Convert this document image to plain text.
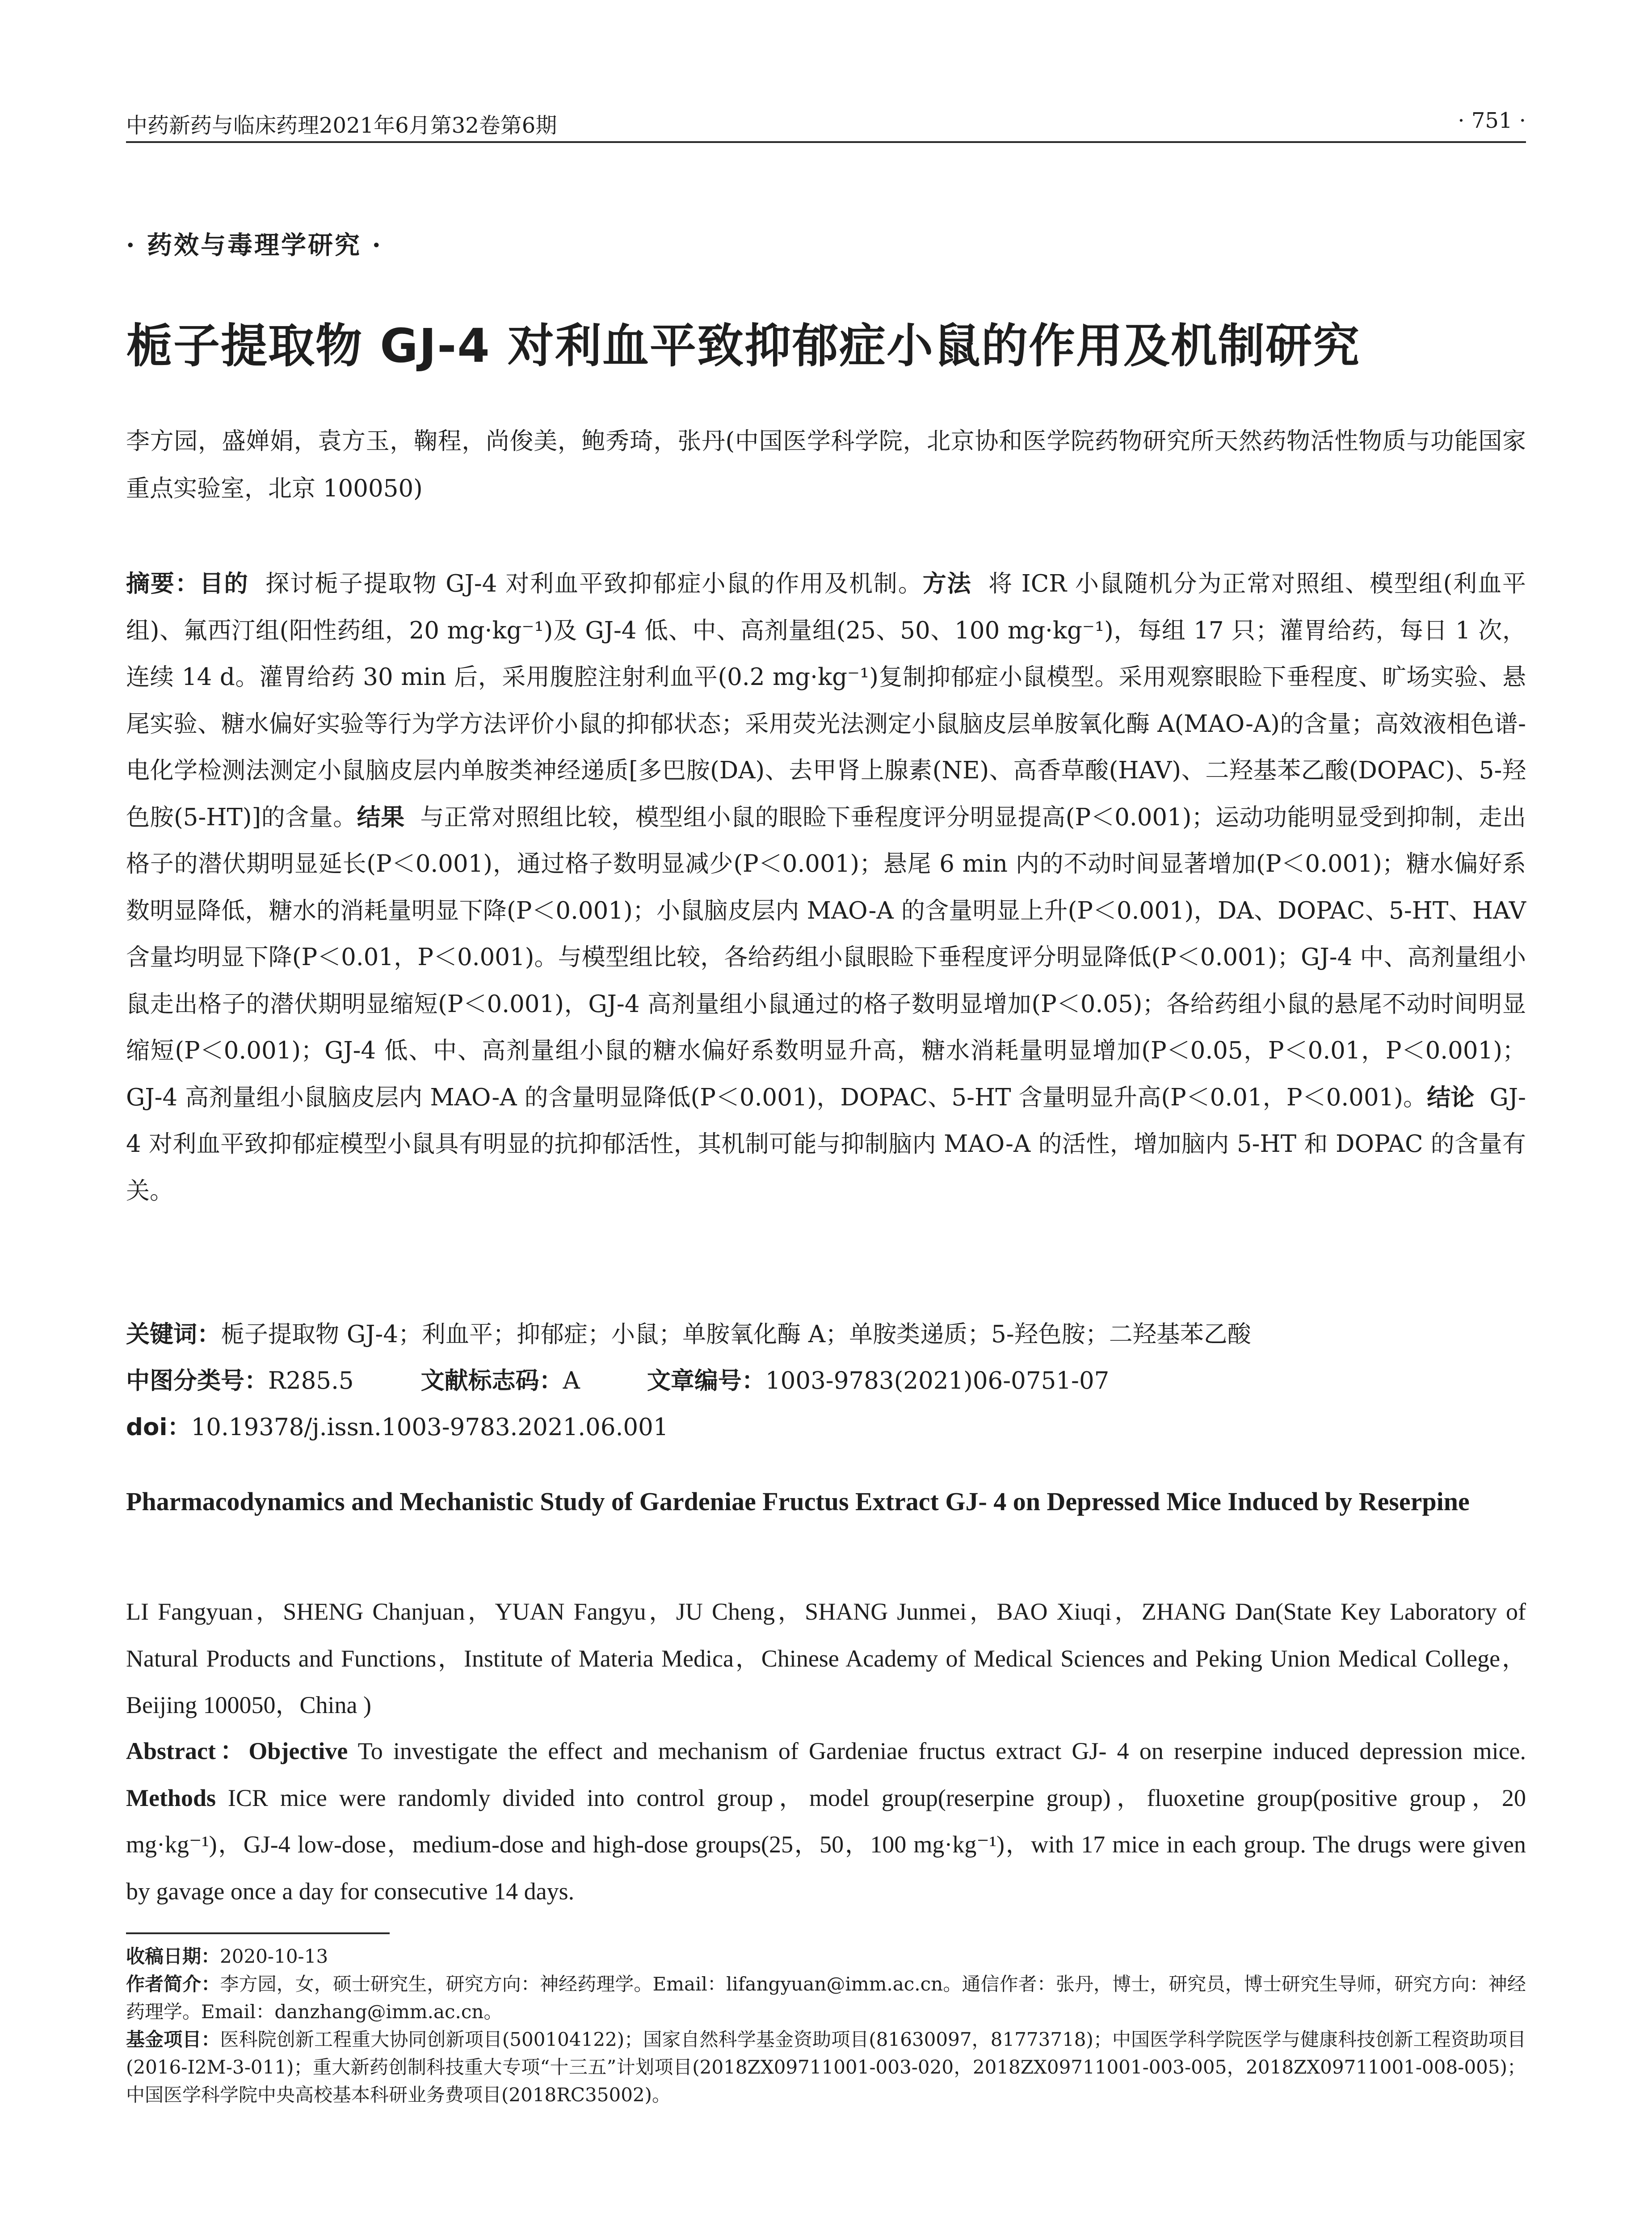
中药新药与临床药理2021年6月第32卷第6期	· 751 ·
· 药效与毒理学研究 ·
栀子提取物 GJ-4 对利血平致抑郁症小鼠的作用及机制研究
李方园，盛婵娟，袁方玉，鞠程，尚俊美，鲍秀琦，张丹(中国医学科学院，北京协和医学院药物研究所天然药物活性物质与功能国家重点实验室，北京 100050)
摘要：目的 探讨栀子提取物 GJ-4 对利血平致抑郁症小鼠的作用及机制。方法 将 ICR 小鼠随机分为正常对照组、模型组(利血平组)、氟西汀组(阳性药组，20 mg·kg⁻¹)及 GJ-4 低、中、高剂量组(25、50、100 mg·kg⁻¹)，每组 17 只；灌胃给药，每日 1 次，连续 14 d。灌胃给药 30 min 后，采用腹腔注射利血平(0.2 mg·kg⁻¹)复制抑郁症小鼠模型。采用观察眼睑下垂程度、旷场实验、悬尾实验、糖水偏好实验等行为学方法评价小鼠的抑郁状态；采用荧光法测定小鼠脑皮层单胺氧化酶 A(MAO-A)的含量；高效液相色谱-电化学检测法测定小鼠脑皮层内单胺类神经递质[多巴胺(DA)、去甲肾上腺素(NE)、高香草酸(HAV)、二羟基苯乙酸(DOPAC)、5-羟色胺(5-HT)]的含量。结果 与正常对照组比较，模型组小鼠的眼睑下垂程度评分明显提高(P＜0.001)；运动功能明显受到抑制，走出格子的潜伏期明显延长(P＜0.001)，通过格子数明显减少(P＜0.001)；悬尾 6 min 内的不动时间显著增加(P＜0.001)；糖水偏好系数明显降低，糖水的消耗量明显下降(P＜0.001)；小鼠脑皮层内 MAO-A 的含量明显上升(P＜0.001)，DA、DOPAC、5-HT、HAV 含量均明显下降(P＜0.01，P＜0.001)。与模型组比较，各给药组小鼠眼睑下垂程度评分明显降低(P＜0.001)；GJ-4 中、高剂量组小鼠走出格子的潜伏期明显缩短(P＜0.001)，GJ-4 高剂量组小鼠通过的格子数明显增加(P＜0.05)；各给药组小鼠的悬尾不动时间明显缩短(P＜0.001)；GJ-4 低、中、高剂量组小鼠的糖水偏好系数明显升高，糖水消耗量明显增加(P＜0.05，P＜0.01，P＜0.001)；GJ-4 高剂量组小鼠脑皮层内 MAO-A 的含量明显降低(P＜0.001)，DOPAC、5-HT 含量明显升高(P＜0.01，P＜0.001)。结论 GJ-4 对利血平致抑郁症模型小鼠具有明显的抗抑郁活性，其机制可能与抑制脑内 MAO-A 的活性，增加脑内 5-HT 和 DOPAC 的含量有关。
关键词：栀子提取物 GJ-4；利血平；抑郁症；小鼠；单胺氧化酶 A；单胺类递质；5-羟色胺；二羟基苯乙酸
中图分类号：R285.5	文献标志码：A	文章编号：1003-9783(2021)06-0751-07
doi：10.19378/j.issn.1003-9783.2021.06.001
Pharmacodynamics and Mechanistic Study of Gardeniae Fructus Extract GJ- 4 on Depressed Mice Induced by Reserpine
LI Fangyuan，SHENG Chanjuan，YUAN Fangyu，JU Cheng，SHANG Junmei，BAO Xiuqi，ZHANG Dan(State Key Laboratory of Natural Products and Functions，Institute of Materia Medica，Chinese Academy of Medical Sciences and Peking Union Medical College，Beijing 100050，China )
Abstract：Objective To investigate the effect and mechanism of Gardeniae fructus extract GJ- 4 on reserpine induced depression mice. Methods ICR mice were randomly divided into control group，model group(reserpine group)，fluoxetine group(positive group，20 mg·kg⁻¹)，GJ-4 low-dose，medium-dose and high-dose groups(25，50，100 mg·kg⁻¹)，with 17 mice in each group. The drugs were given by gavage once a day for consecutive 14 days.

收稿日期：2020-10-13

作者简介：李方园，女，硕士研究生，研究方向：神经药理学。Email：lifangyuan@imm.ac.cn。通信作者：张丹，博士，研究员，博士研究生导师，研究方向：神经药理学。Email：danzhang@imm.ac.cn。

基金项目：医科院创新工程重大协同创新项目(500104122)；国家自然科学基金资助项目(81630097，81773718)；中国医学科学院医学与健康科技创新工程资助项目(2016-I2M-3-011)；重大新药创制科技重大专项“十三五”计划项目(2018ZX09711001-003-020，2018ZX09711001-003-005，2018ZX09711001-008-005)；中国医学科学院中央高校基本科研业务费项目(2018RC35002)。
